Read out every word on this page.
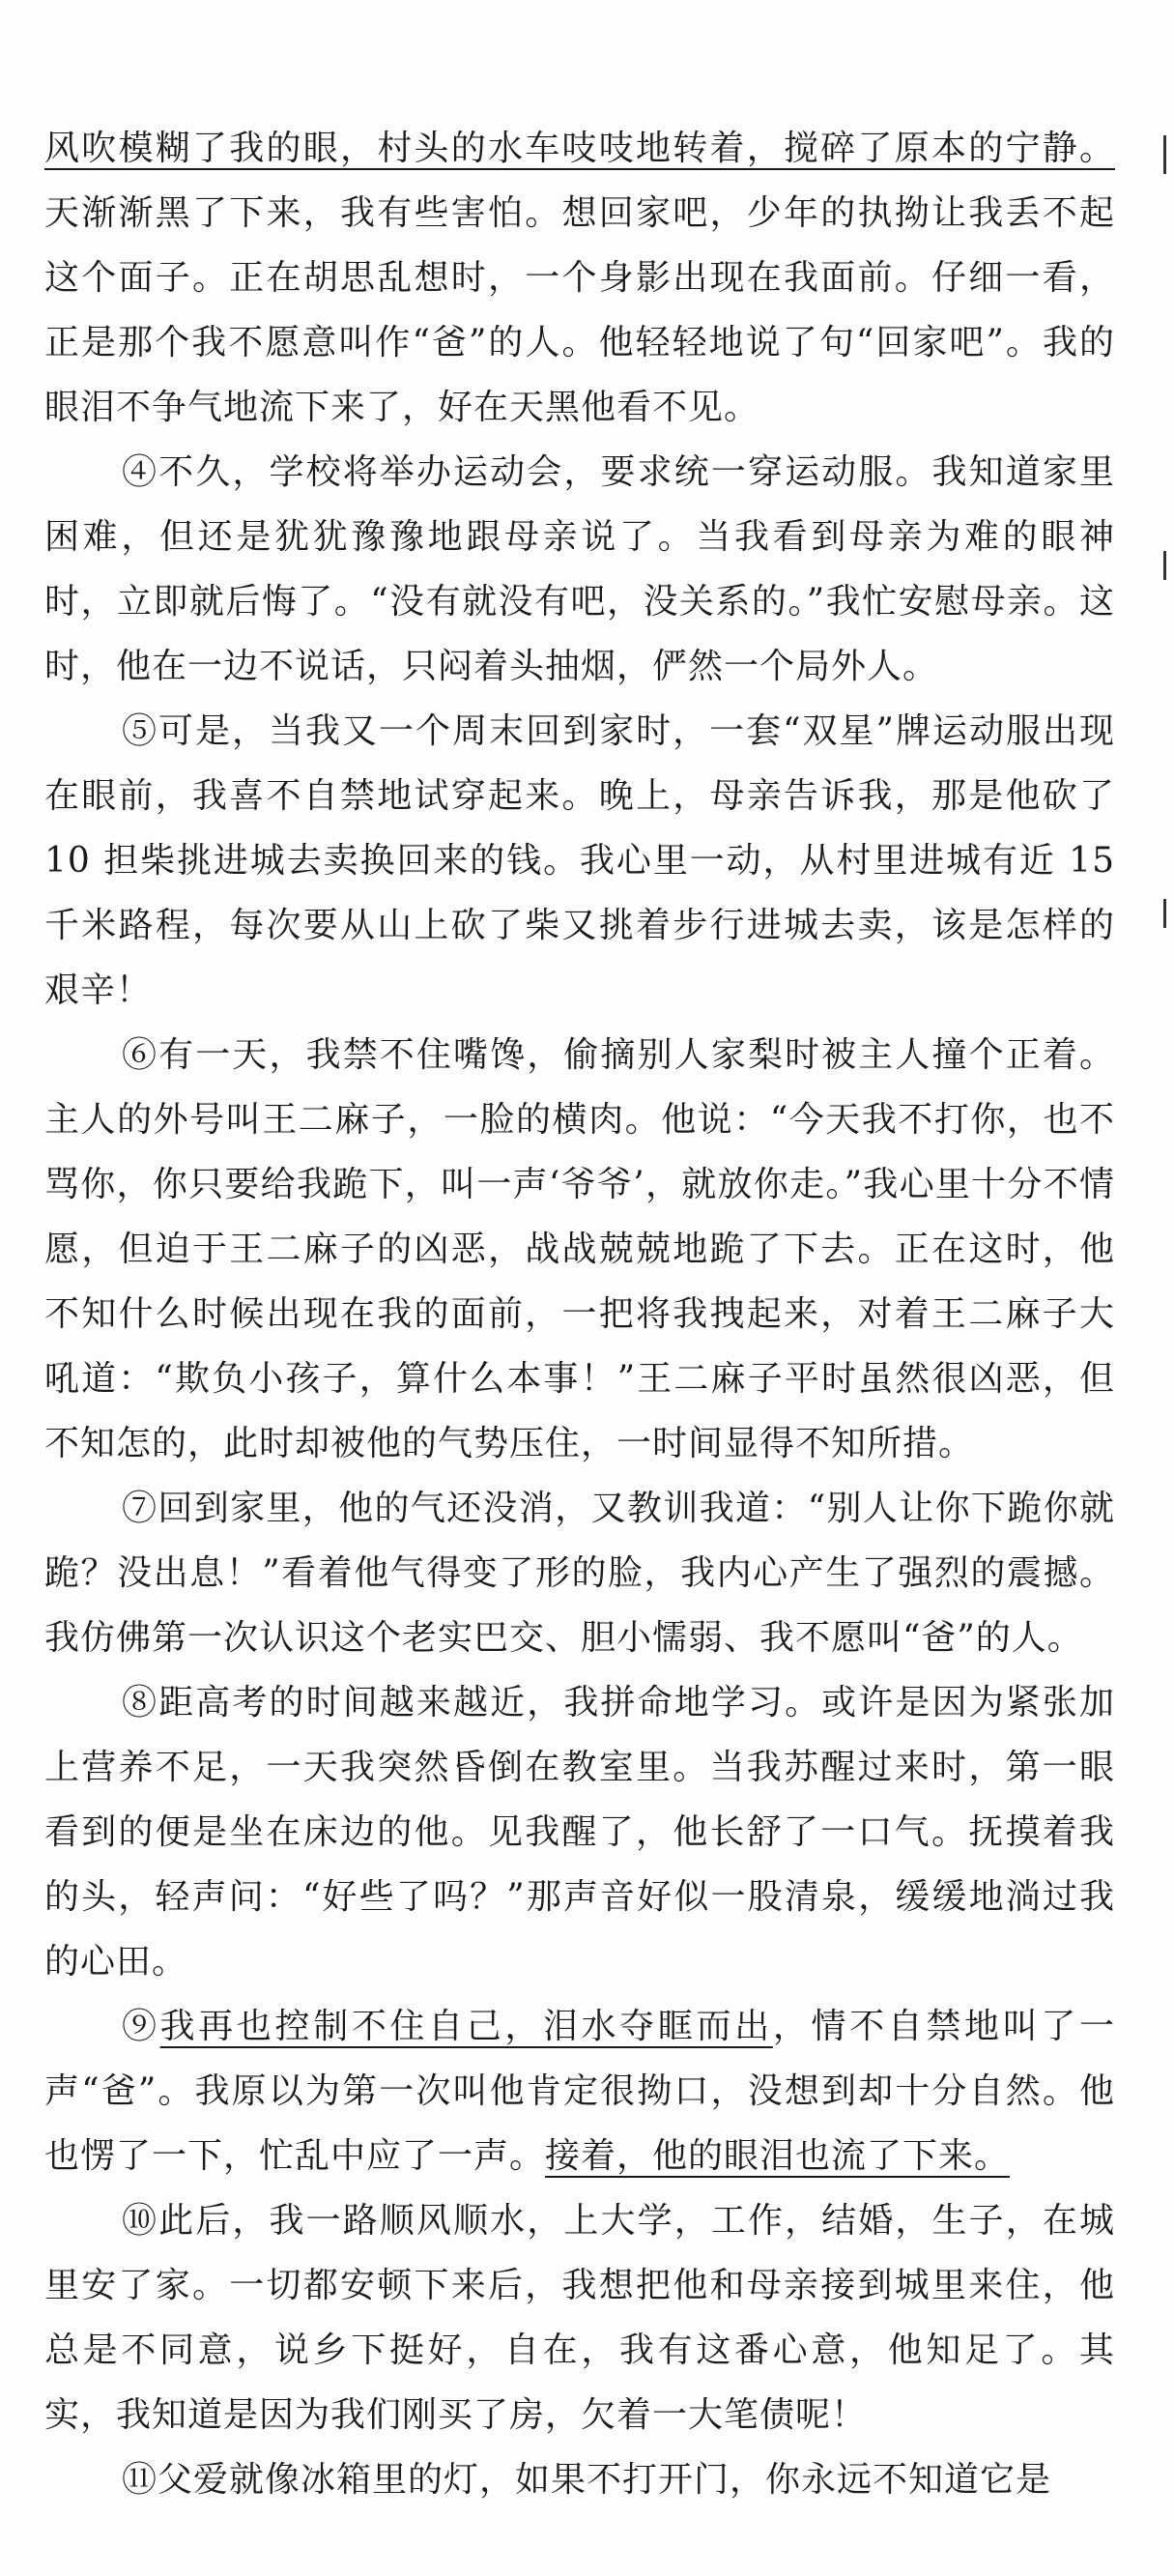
风吹模糊了我的眼，村头的水车吱吱地转着，搅碎了原本的宁静。天渐渐黑了下来，我有些害怕。想回家吧，少年的执拗让我丢不起这个面子。正在胡思乱想时，一个身影出现在我面前。仔细一看，正是那个我不愿意叫作“爸”的人。他轻轻地说了句“回家吧”。我的眼泪不争气地流下来了，好在天黑他看不见。

④不久，学校将举办运动会，要求统一穿运动服。我知道家里困难，但还是犹犹豫豫地跟母亲说了。当我看到母亲为难的眼神时，立即就后悔了。“没有就没有吧，没关系的。”我忙安慰母亲。这时，他在一边不说话，只闷着头抽烟，俨然一个局外人。

⑤可是，当我又一个周末回到家时，一套“双星”牌运动服出现在眼前，我喜不自禁地试穿起来。晚上，母亲告诉我，那是他砍了 10 担柴挑进城去卖换回来的钱。我心里一动，从村里进城有近 15 千米路程，每次要从山上砍了柴又挑着步行进城去卖，该是怎样的艰辛！

⑥有一天，我禁不住嘴馋，偷摘别人家梨时被主人撞个正着。主人的外号叫王二麻子，一脸的横肉。他说：“今天我不打你，也不骂你，你只要给我跪下，叫一声‘爷爷’，就放你走。”我心里十分不情愿，但迫于王二麻子的凶恶，战战兢兢地跪了下去。正在这时，他不知什么时候出现在我的面前，一把将我拽起来，对着王二麻子大吼道：“欺负小孩子，算什么本事！”王二麻子平时虽然很凶恶，但不知怎的，此时却被他的气势压住，一时间显得不知所措。

⑦回到家里，他的气还没消，又教训我道：“别人让你下跪你就跪？没出息！”看着他气得变了形的脸，我内心产生了强烈的震撼。我仿佛第一次认识这个老实巴交、胆小懦弱、我不愿叫“爸”的人。

⑧距高考的时间越来越近，我拼命地学习。或许是因为紧张加上营养不足，一天我突然昏倒在教室里。当我苏醒过来时，第一眼看到的便是坐在床边的他。见我醒了，他长舒了一口气。抚摸着我的头，轻声问：“好些了吗？”那声音好似一股清泉，缓缓地淌过我的心田。

⑨我再也控制不住自己，泪水夺眶而出，情不自禁地叫了一声“爸”。我原以为第一次叫他肯定很拗口，没想到却十分自然。他也愣了一下，忙乱中应了一声。接着，他的眼泪也流了下来。

⑩此后，我一路顺风顺水，上大学，工作，结婚，生子，在城里安了家。一切都安顿下来后，我想把他和母亲接到城里来住，他总是不同意，说乡下挺好，自在，我有这番心意，他知足了。其实，我知道是因为我们刚买了房，欠着一大笔债呢！

⑪父爱就像冰箱里的灯，如果不打开门，你永远不知道它是
